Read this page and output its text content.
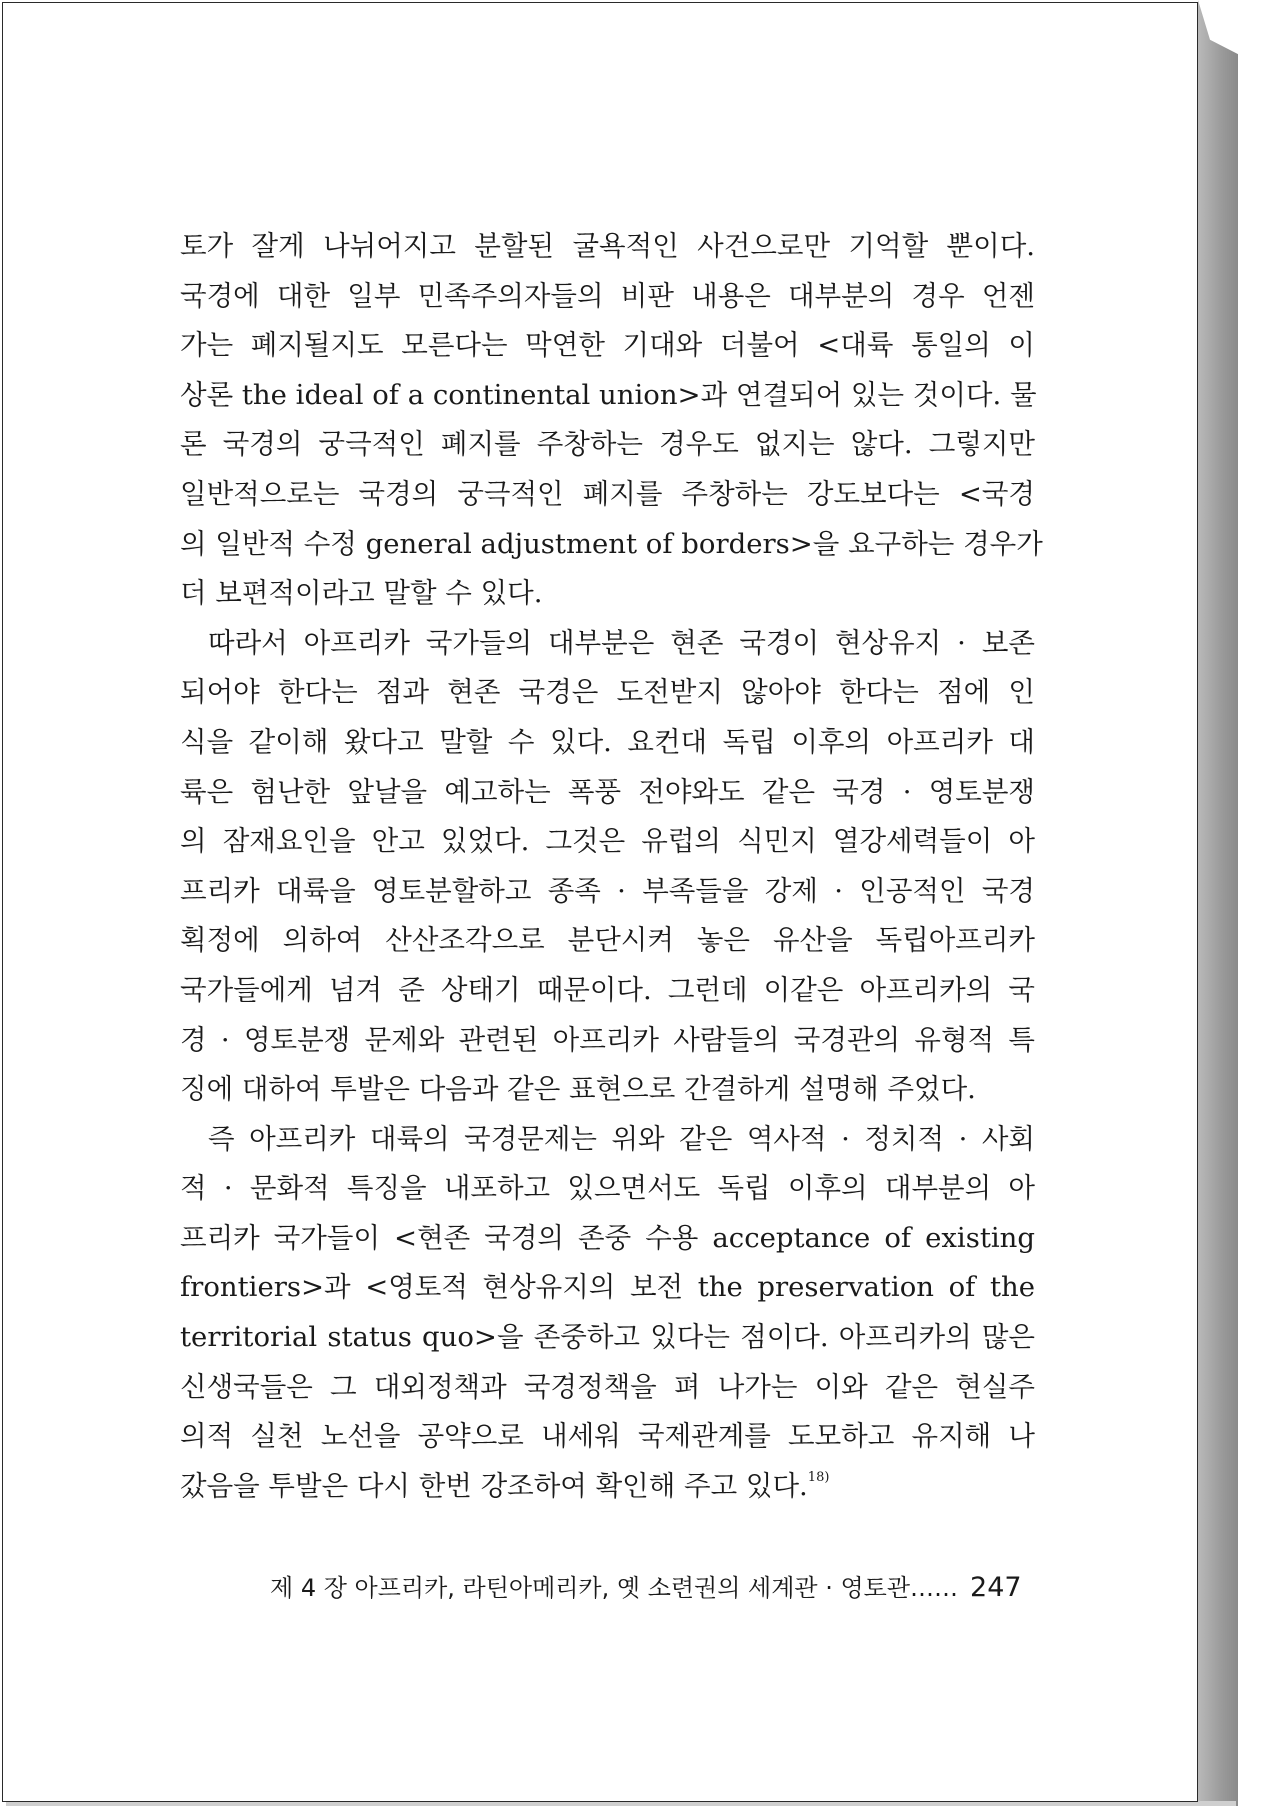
토가 잘게 나뉘어지고 분할된 굴욕적인 사건으로만 기억할 뿐이다.
국경에 대한 일부 민족주의자들의 비판 내용은 대부분의 경우 언젠
가는 폐지될지도 모른다는 막연한 기대와 더불어 <대륙 통일의 이
상론 the ideal of a continental union>과 연결되어 있는 것이다. 물
론 국경의 궁극적인 폐지를 주창하는 경우도 없지는 않다. 그렇지만
일반적으로는 국경의 궁극적인 폐지를 주창하는 강도보다는 <국경
의 일반적 수정 general adjustment of borders>을 요구하는 경우가
더 보편적이라고 말할 수 있다.
따라서 아프리카 국가들의 대부분은 현존 국경이 현상유지 · 보존
되어야 한다는 점과 현존 국경은 도전받지 않아야 한다는 점에 인
식을 같이해 왔다고 말할 수 있다. 요컨대 독립 이후의 아프리카 대
륙은 험난한 앞날을 예고하는 폭풍 전야와도 같은 국경 · 영토분쟁
의 잠재요인을 안고 있었다. 그것은 유럽의 식민지 열강세력들이 아
프리카 대륙을 영토분할하고 종족 · 부족들을 강제 · 인공적인 국경
획정에 의하여 산산조각으로 분단시켜 놓은 유산을 독립아프리카
국가들에게 넘겨 준 상태기 때문이다. 그런데 이같은 아프리카의 국
경 · 영토분쟁 문제와 관련된 아프리카 사람들의 국경관의 유형적 특
징에 대하여 투발은 다음과 같은 표현으로 간결하게 설명해 주었다.
즉 아프리카 대륙의 국경문제는 위와 같은 역사적 · 정치적 · 사회
적 · 문화적 특징을 내포하고 있으면서도 독립 이후의 대부분의 아
프리카 국가들이 <현존 국경의 존중 수용 acceptance of existing
frontiers>과 <영토적 현상유지의 보전 the preservation of the
territorial status quo>을 존중하고 있다는 점이다. 아프리카의 많은
신생국들은 그 대외정책과 국경정책을 펴 나가는 이와 같은 현실주
의적 실천 노선을 공약으로 내세워 국제관계를 도모하고 유지해 나
갔음을 투발은 다시 한번 강조하여 확인해 주고 있다.$^{18)}$
제 4 장 아프리카, 라틴아메리카, 옛 소련권의 세계관 · 영토관…… 247
